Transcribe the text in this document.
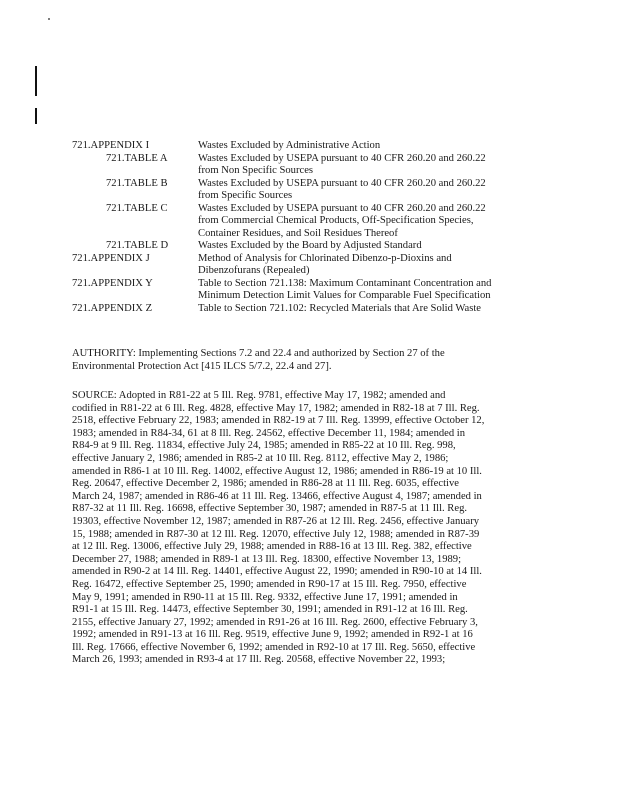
721.APPENDIX I	Wastes Excluded by Administrative Action
721.TABLE A	Wastes Excluded by USEPA pursuant to 40 CFR 260.20 and 260.22
from Non Specific Sources
721.TABLE B	Wastes Excluded by USEPA pursuant to 40 CFR 260.20 and 260.22
from Specific Sources
721.TABLE C	Wastes Excluded by USEPA pursuant to 40 CFR 260.20 and 260.22
from Commercial Chemical Products, Off-Specification Species,
Container Residues, and Soil Residues Thereof
721.TABLE D	Wastes Excluded by the Board by Adjusted Standard
721.APPENDIX J	Method of Analysis for Chlorinated Dibenzo-p-Dioxins and
Dibenzofurans (Repealed)
721.APPENDIX Y	Table to Section 721.138: Maximum Contaminant Concentration and
Minimum Detection Limit Values for Comparable Fuel Specification
721.APPENDIX Z	Table to Section 721.102: Recycled Materials that Are Solid Waste

AUTHORITY: Implementing Sections 7.2 and 22.4 and authorized by Section 27 of the
Environmental Protection Act [415 ILCS 5/7.2, 22.4 and 27].

SOURCE: Adopted in R81-22 at 5 Ill. Reg. 9781, effective May 17, 1982; amended and
codified in R81-22 at 6 Ill. Reg. 4828, effective May 17, 1982; amended in R82-18 at 7 Ill. Reg.
2518, effective February 22, 1983; amended in R82-19 at 7 Ill. Reg. 13999, effective October 12,
1983; amended in R84-34, 61 at 8 Ill. Reg. 24562, effective December 11, 1984; amended in
R84-9 at 9 Ill. Reg. 11834, effective July 24, 1985; amended in R85-22 at 10 Ill. Reg. 998,
effective January 2, 1986; amended in R85-2 at 10 Ill. Reg. 8112, effective May 2, 1986;
amended in R86-1 at 10 Ill. Reg. 14002, effective August 12, 1986; amended in R86-19 at 10 Ill.
Reg. 20647, effective December 2, 1986; amended in R86-28 at 11 Ill. Reg. 6035, effective
March 24, 1987; amended in R86-46 at 11 Ill. Reg. 13466, effective August 4, 1987; amended in
R87-32 at 11 Ill. Reg. 16698, effective September 30, 1987; amended in R87-5 at 11 Ill. Reg.
19303, effective November 12, 1987; amended in R87-26 at 12 Ill. Reg. 2456, effective January
15, 1988; amended in R87-30 at 12 Ill. Reg. 12070, effective July 12, 1988; amended in R87-39
at 12 Ill. Reg. 13006, effective July 29, 1988; amended in R88-16 at 13 Ill. Reg. 382, effective
December 27, 1988; amended in R89-1 at 13 Ill. Reg. 18300, effective November 13, 1989;
amended in R90-2 at 14 Ill. Reg. 14401, effective August 22, 1990; amended in R90-10 at 14 Ill.
Reg. 16472, effective September 25, 1990; amended in R90-17 at 15 Ill. Reg. 7950, effective
May 9, 1991; amended in R90-11 at 15 Ill. Reg. 9332, effective June 17, 1991; amended in
R91-1 at 15 Ill. Reg. 14473, effective September 30, 1991; amended in R91-12 at 16 Ill. Reg.
2155, effective January 27, 1992; amended in R91-26 at 16 Ill. Reg. 2600, effective February 3,
1992; amended in R91-13 at 16 Ill. Reg. 9519, effective June 9, 1992; amended in R92-1 at 16
Ill. Reg. 17666, effective November 6, 1992; amended in R92-10 at 17 Ill. Reg. 5650, effective
March 26, 1993; amended in R93-4 at 17 Ill. Reg. 20568, effective November 22, 1993;
